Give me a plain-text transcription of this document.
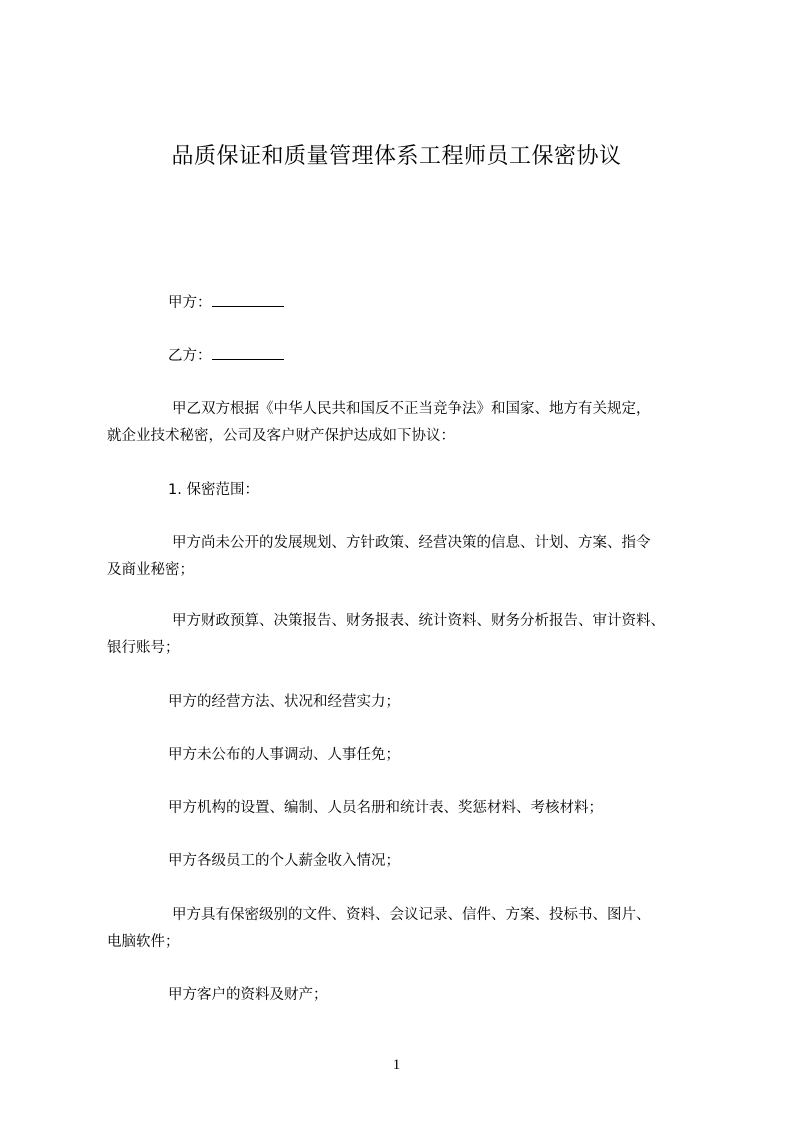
品质保证和质量管理体系工程师员工保密协议
甲方：
乙方：
甲乙双方根据《中华人民共和国反不正当竞争法》和国家、地方有关规定，
就企业技术秘密，公司及客户财产保护达成如下协议：
1. 保密范围：
甲方尚未公开的发展规划、方针政策、经营决策的信息、计划、方案、指令
及商业秘密；
甲方财政预算、决策报告、财务报表、统计资料、财务分析报告、审计资料、
银行账号；
甲方的经营方法、状况和经营实力；
甲方未公布的人事调动、人事任免；
甲方机构的设置、编制、人员名册和统计表、奖惩材料、考核材料；
甲方各级员工的个人薪金收入情况；
甲方具有保密级别的文件、资料、会议记录、信件、方案、投标书、图片、
电脑软件；
甲方客户的资料及财产；
1
